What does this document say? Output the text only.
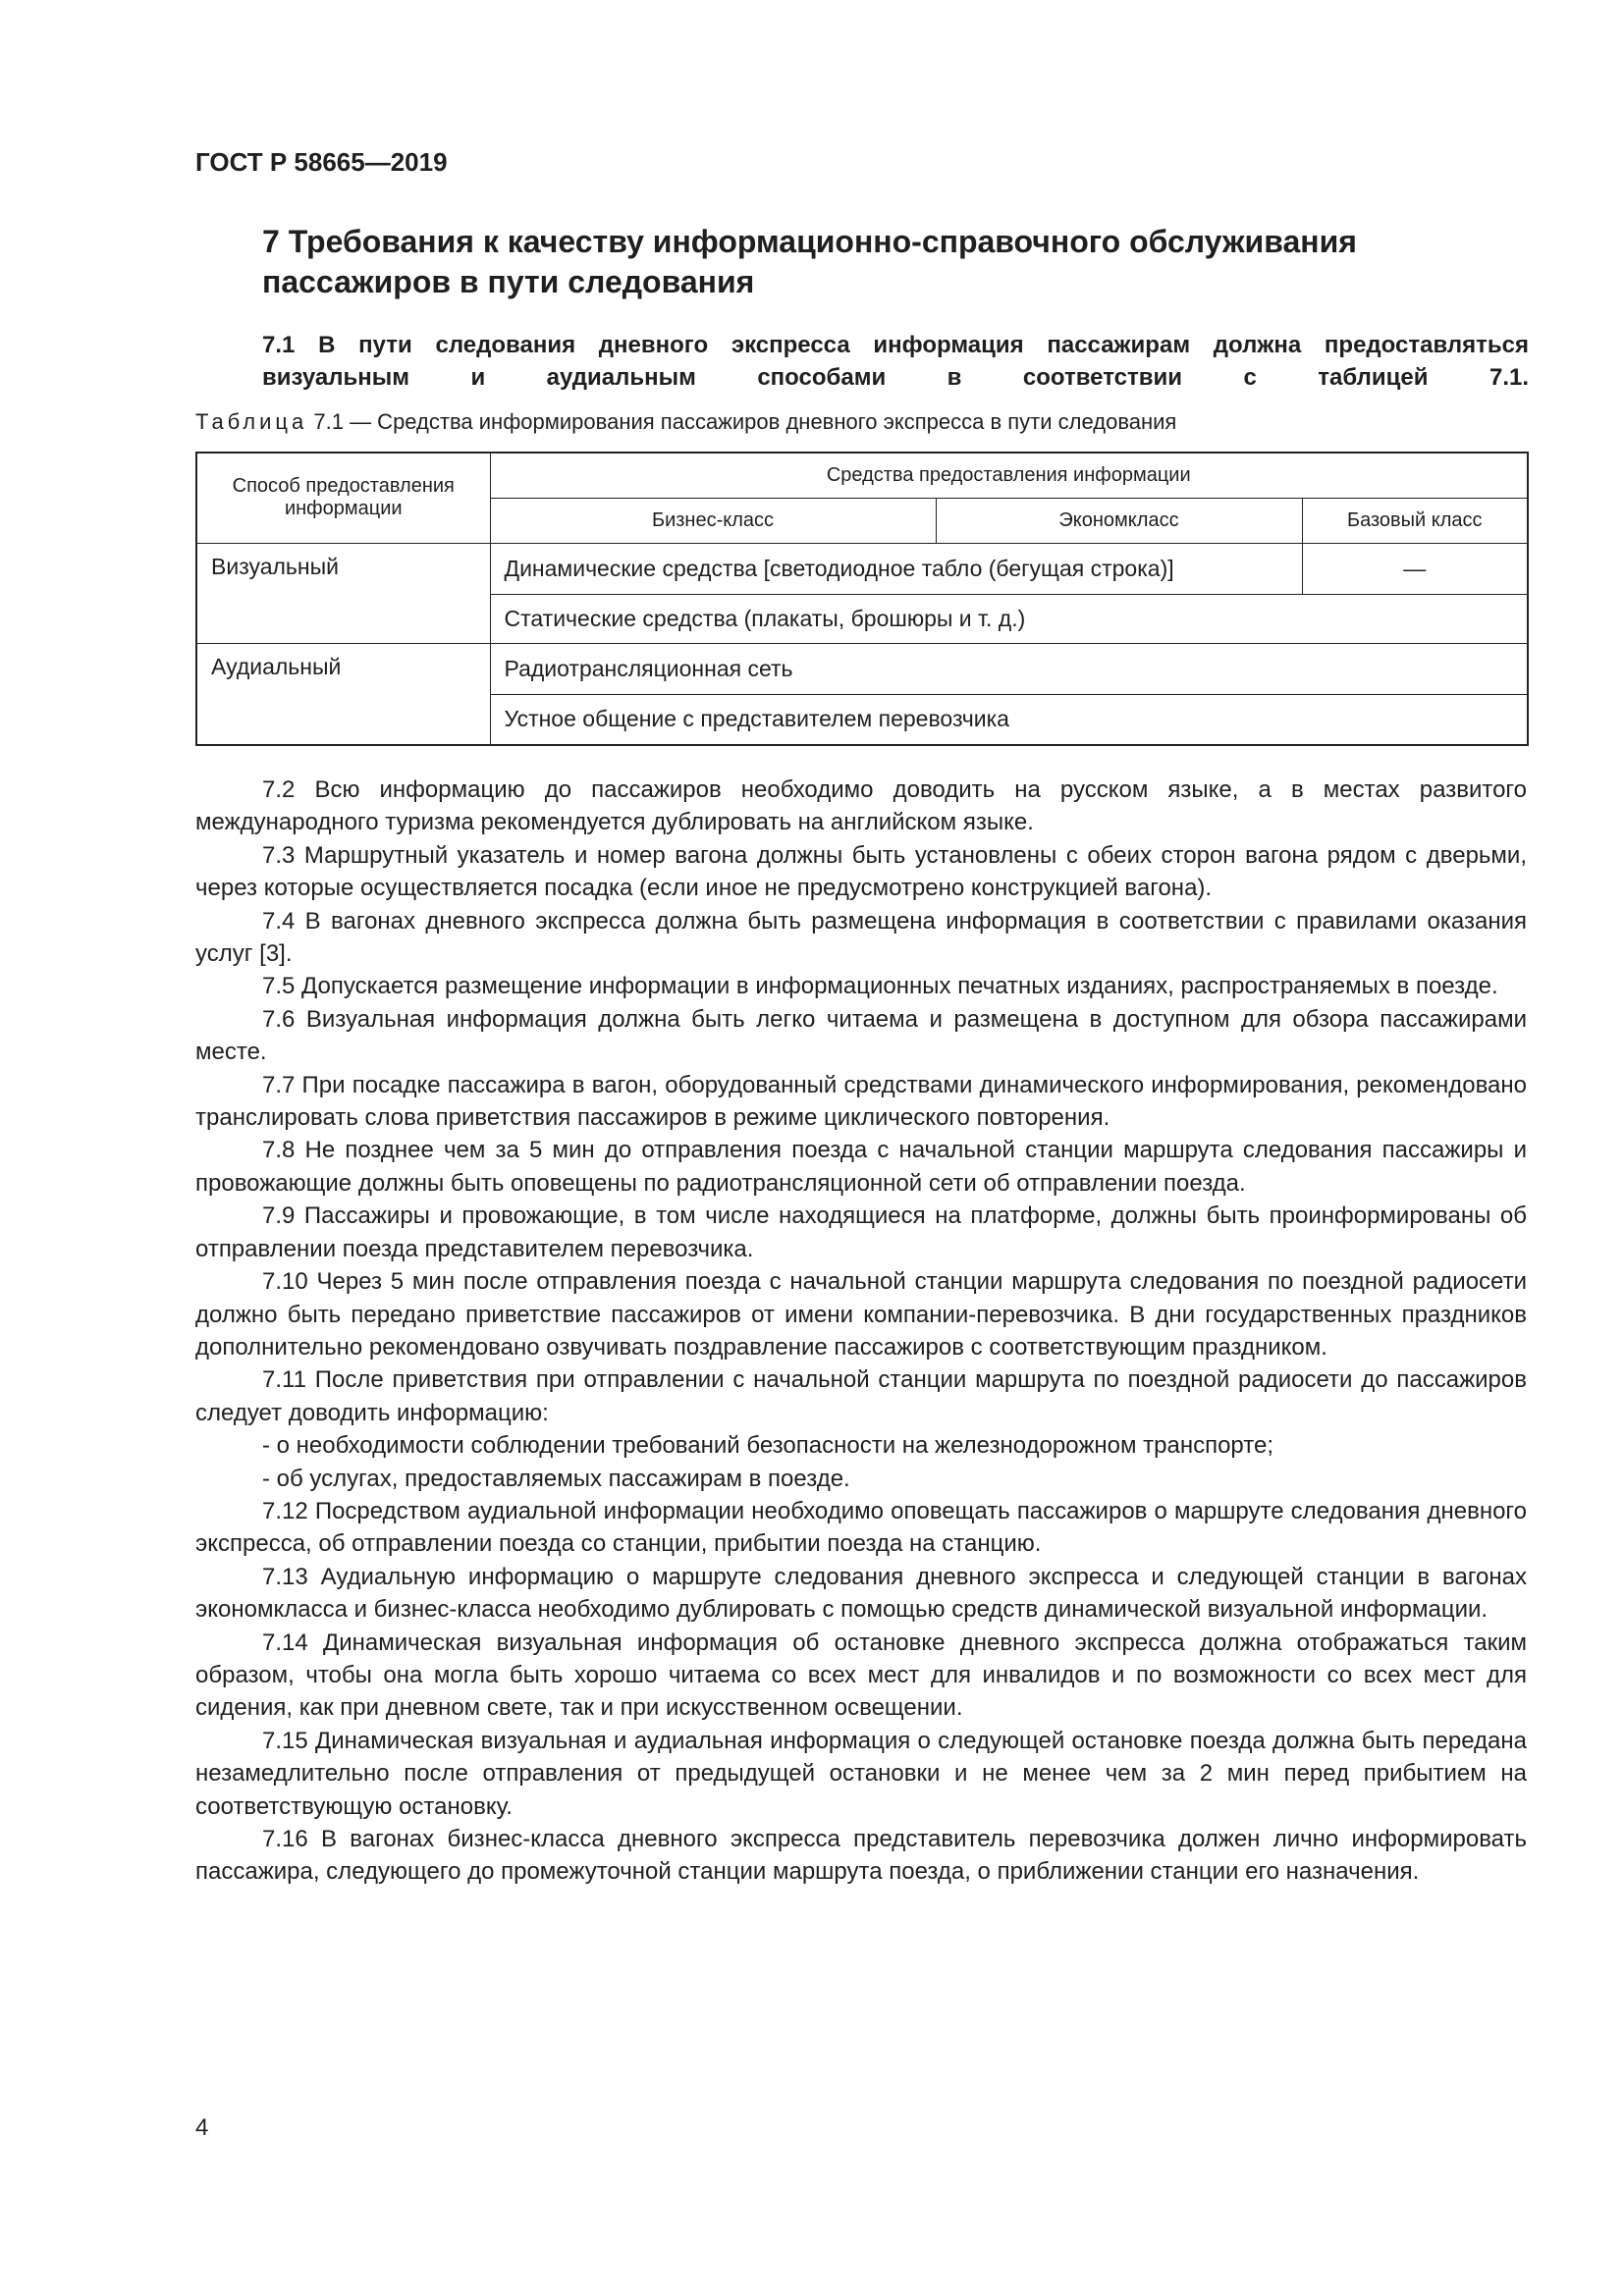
ГОСТ Р 58665—2019
7 Требования к качеству информационно-справочного обслуживания пассажиров в пути следования
7.1 В пути следования дневного экспресса информация пассажирам должна предоставляться визуальным и аудиальным способами в соответствии с таблицей 7.1.
Таблица 7.1 — Средства информирования пассажиров дневного экспресса в пути следования
Способ предоставления информации	Средства предоставления информации		
	Бизнес-класс	Экономкласс	Базовый класс
Визуальный	Динамические средства [светодиодное табло (бегущая строка)]		—
	Статические средства (плакаты, брошюры и т. д.)		
Аудиальный	Радиотрансляционная сеть		
	Устное общение с представителем перевозчика		

7.2 Всю информацию до пассажиров необходимо доводить на русском языке, а в местах развитого международного туризма рекомендуется дублировать на английском языке.

7.3 Маршрутный указатель и номер вагона должны быть установлены с обеих сторон вагона рядом с дверьми, через которые осуществляется посадка (если иное не предусмотрено конструкцией вагона).

7.4 В вагонах дневного экспресса должна быть размещена информация в соответствии с правилами оказания услуг [3].

7.5 Допускается размещение информации в информационных печатных изданиях, распространяемых в поезде.

7.6 Визуальная информация должна быть легко читаема и размещена в доступном для обзора пассажирами месте.

7.7 При посадке пассажира в вагон, оборудованный средствами динамического информирования, рекомендовано транслировать слова приветствия пассажиров в режиме циклического повторения.

7.8 Не позднее чем за 5 мин до отправления поезда с начальной станции маршрута следования пассажиры и провожающие должны быть оповещены по радиотрансляционной сети об отправлении поезда.

7.9 Пассажиры и провожающие, в том числе находящиеся на платформе, должны быть проинформированы об отправлении поезда представителем перевозчика.

7.10 Через 5 мин после отправления поезда с начальной станции маршрута следования по поездной радиосети должно быть передано приветствие пассажиров от имени компании-перевозчика. В дни государственных праздников дополнительно рекомендовано озвучивать поздравление пассажиров с соответствующим праздником.

7.11 После приветствия при отправлении с начальной станции маршрута по поездной радиосети до пассажиров следует доводить информацию:

- о необходимости соблюдении требований безопасности на железнодорожном транспорте;

- об услугах, предоставляемых пассажирам в поезде.

7.12 Посредством аудиальной информации необходимо оповещать пассажиров о маршруте следования дневного экспресса, об отправлении поезда со станции, прибытии поезда на станцию.

7.13 Аудиальную информацию о маршруте следования дневного экспресса и следующей станции в вагонах экономкласса и бизнес-класса необходимо дублировать с помощью средств динамической визуальной информации.

7.14 Динамическая визуальная информация об остановке дневного экспресса должна отображаться таким образом, чтобы она могла быть хорошо читаема со всех мест для инвалидов и по возможности со всех мест для сидения, как при дневном свете, так и при искусственном освещении.

7.15 Динамическая визуальная и аудиальная информация о следующей остановке поезда должна быть передана незамедлительно после отправления от предыдущей остановки и не менее чем за 2 мин перед прибытием на соответствующую остановку.

7.16 В вагонах бизнес-класса дневного экспресса представитель перевозчика должен лично информировать пассажира, следующего до промежуточной станции маршрута поезда, о приближении станции его назначения.

4
